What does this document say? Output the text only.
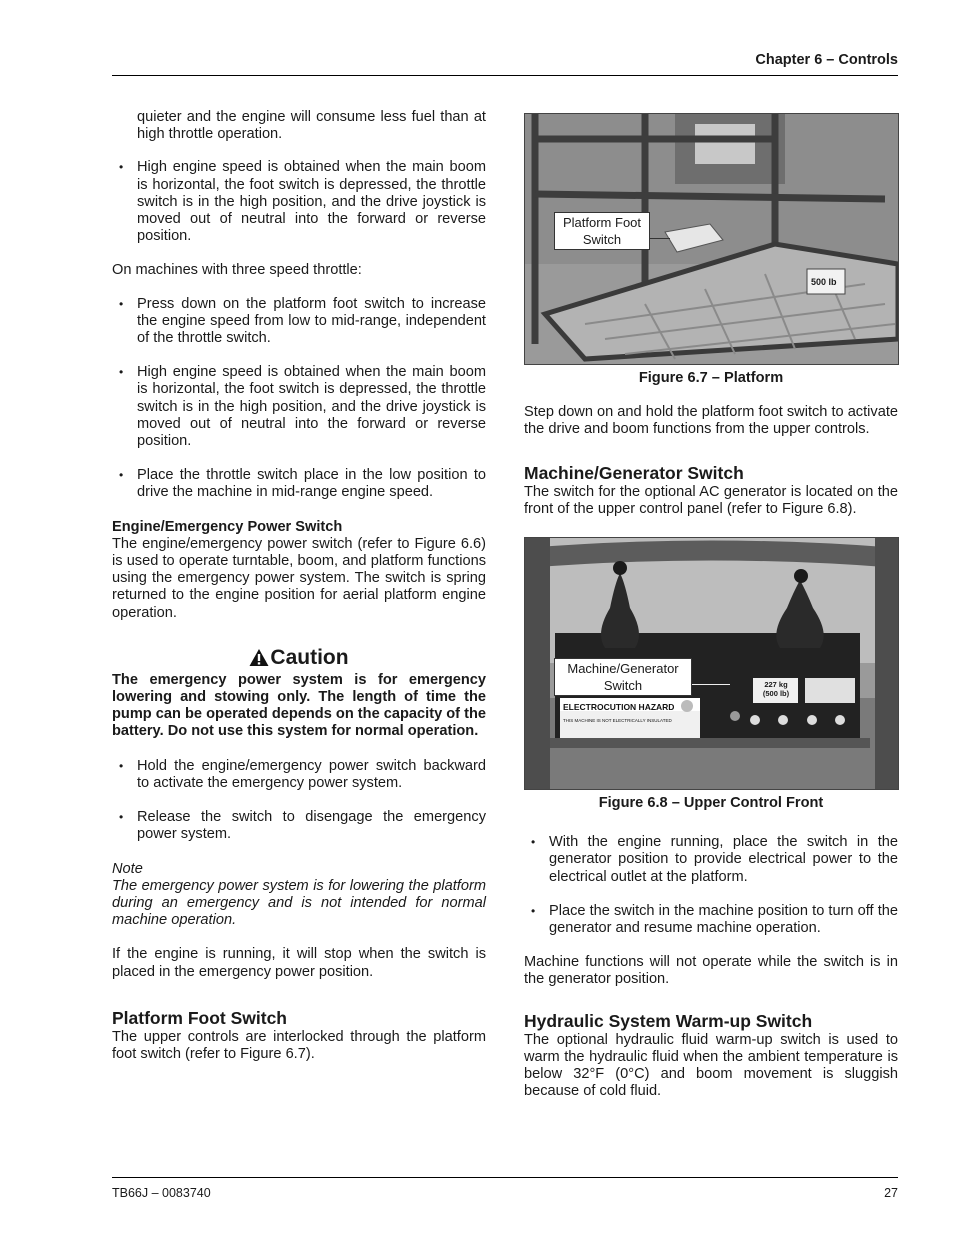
Chapter 6 – Controls

quieter and the engine will consume less fuel than at high throttle operation.

• High engine speed is obtained when the main boom is horizontal, the foot switch is depressed, the throttle switch is in the high position, and the drive joystick is moved out of neutral into the forward or reverse position.

On machines with three speed throttle:

• Press down on the platform foot switch to increase the engine speed from low to mid-range, independent of the throttle switch.
• High engine speed is obtained when the main boom is horizontal, the foot switch is depressed, the throttle switch is in the high position, and the drive joystick is moved out of neutral into the forward or reverse position.
• Place the throttle switch place in the low position to drive the machine in mid-range engine speed.
Engine/Emergency Power Switch

The engine/emergency power switch (refer to Figure 6.6) is used to operate turntable, boom, and platform functions using the emergency power system. The switch is spring returned to the engine position for aerial platform engine operation.

Caution
The emergency power system is for emergency lowering and stowing only. The length of time the pump can be operated depends on the capacity of the battery. Do not use this system for normal operation.
• Hold the engine/emergency power switch backward to activate the emergency power system.
• Release the switch to disengage the emergency power system.
Note
The emergency power system is for lowering the platform during an emergency and is not intended for normal machine operation.

If the engine is running, it will stop when the switch is placed in the emergency power position.

Platform Foot Switch

The upper controls are interlocked through the platform foot switch (refer to Figure 6.7).

500 lb
Platform Foot Switch
Figure 6.7 – Platform

Step down on and hold the platform foot switch to activate the drive and boom functions from the upper controls.

Machine/Generator Switch

The switch for the optional AC generator is located on the front of the upper control panel (refer to Figure 6.8).

ELECTROCUTION HAZARD
THIS MACHINE IS NOT ELECTRICALLY INSULATED
227 kg (500 lb)
Machine/Generator Switch
Figure 6.8 – Upper Control Front
• With the engine running, place the switch in the generator position to provide electrical power to the electrical outlet at the platform.
• Place the switch in the machine position to turn off the generator and resume machine operation.

Machine functions will not operate while the switch is in the generator position.

Hydraulic System Warm-up Switch

The optional hydraulic fluid warm-up switch is used to warm the hydraulic fluid when the ambient temperature is below 32°F (0°C) and boom movement is sluggish because of cold fluid.

TB66J – 0083740	27
